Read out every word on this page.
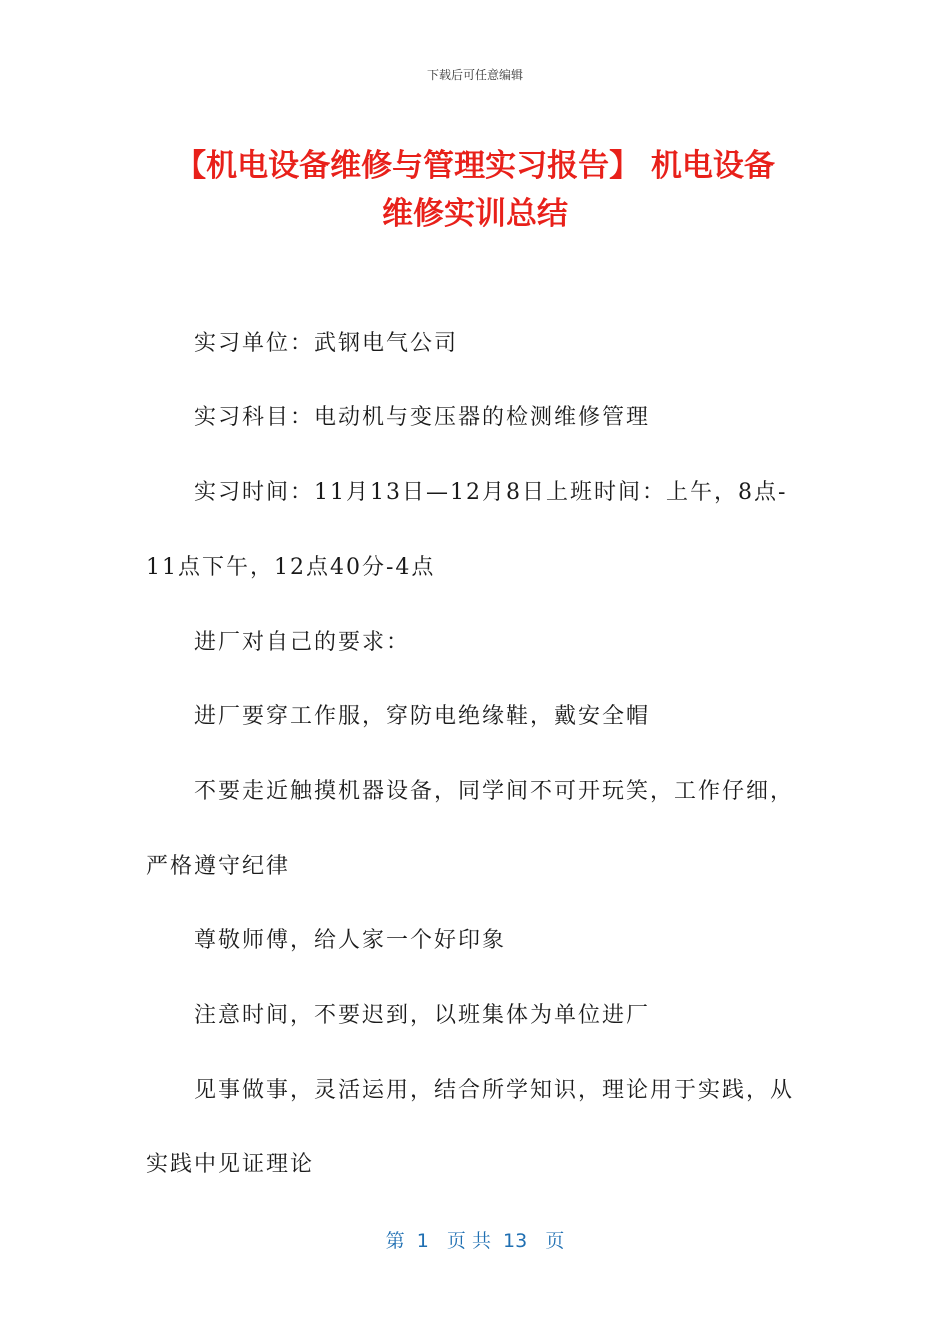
下载后可任意编辑
【机电设备维修与管理实习报告】 机电设备
维修实训总结
实习单位：武钢电气公司
实习科目：电动机与变压器的检测维修管理
实习时间：11月13日—12月8日上班时间：上午，8点-
11点下午，12点40分-4点
进厂对自己的要求：
进厂要穿工作服，穿防电绝缘鞋，戴安全帽
不要走近触摸机器设备，同学间不可开玩笑，工作仔细，
严格遵守纪律
尊敬师傅，给人家一个好印象
注意时间，不要迟到，以班集体为单位进厂
见事做事，灵活运用，结合所学知识，理论用于实践，从
实践中见证理论
第  1   页 共  13   页
